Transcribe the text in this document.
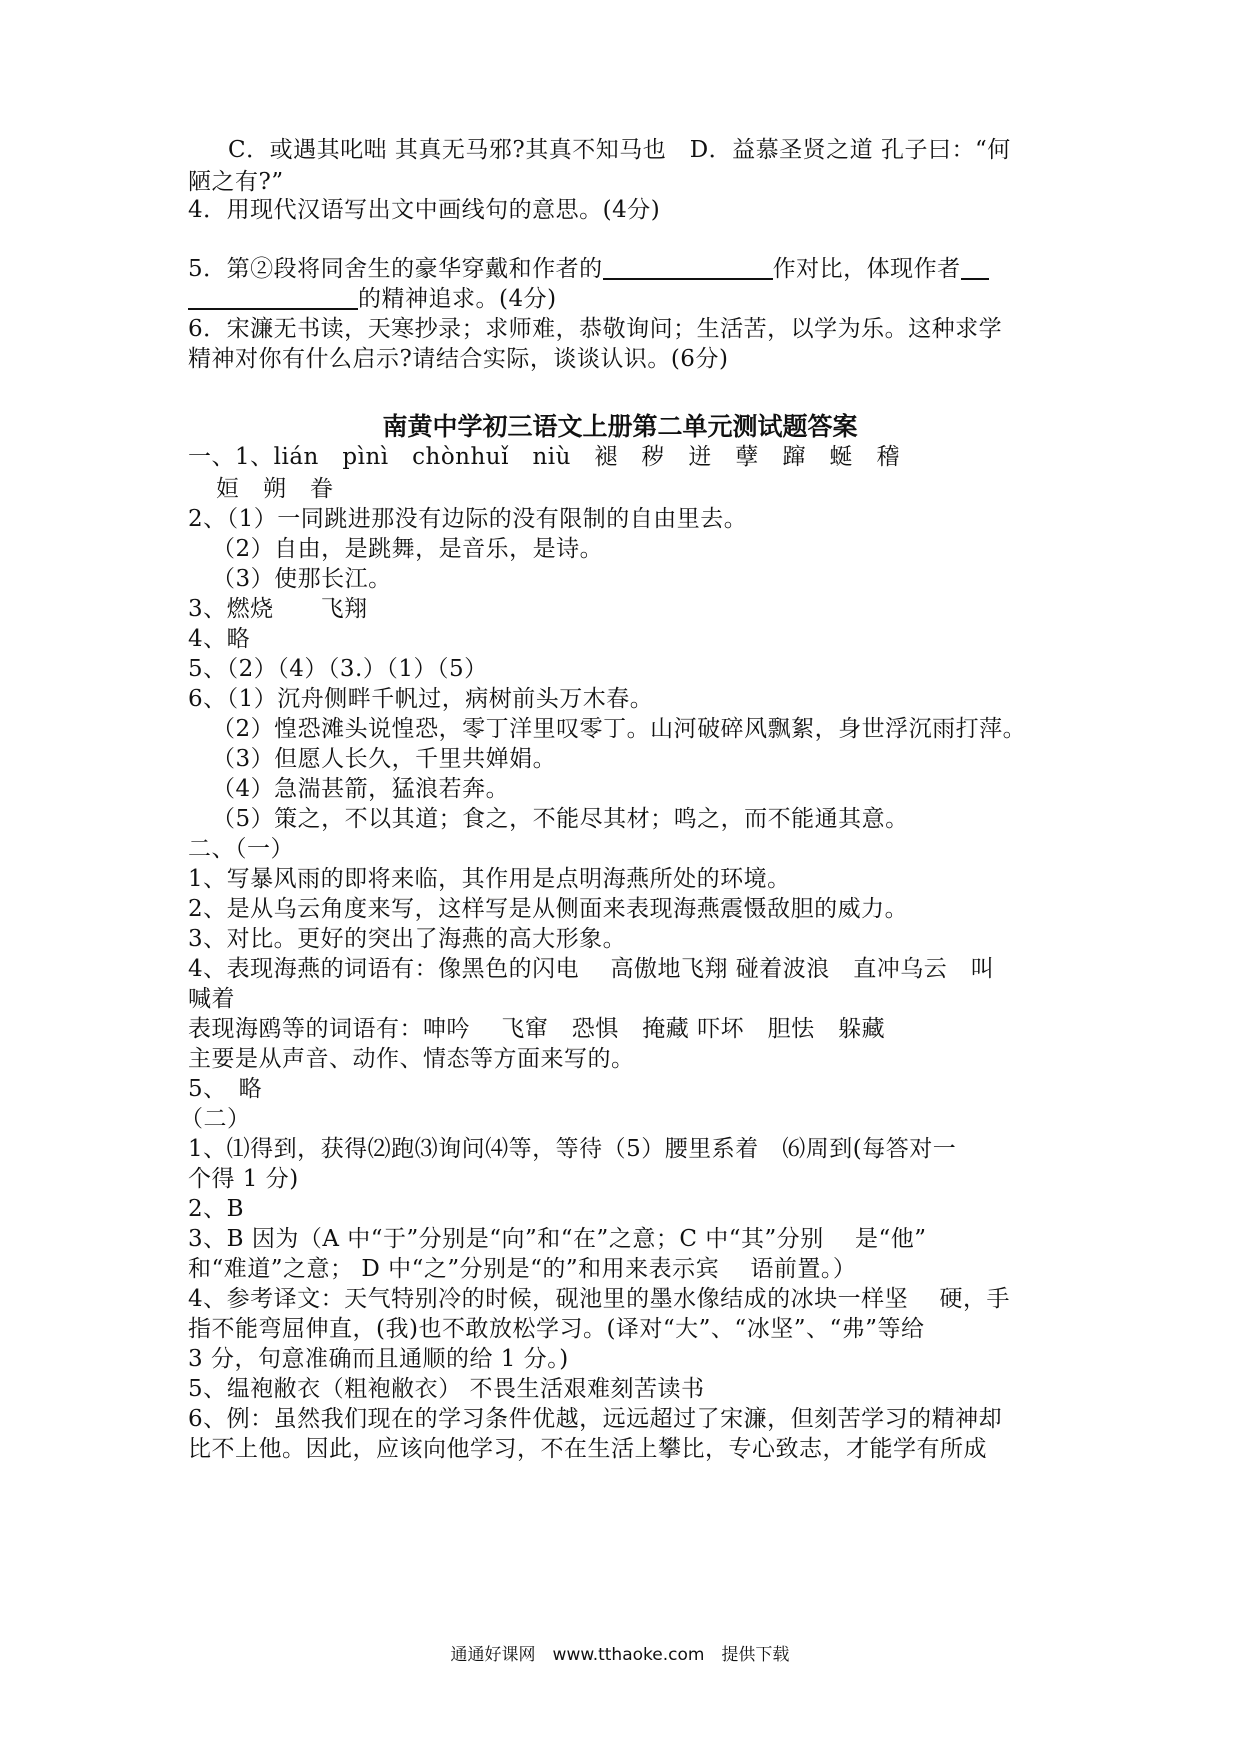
C．或遇其叱咄 其真无马邪?其真不知马也　D．益慕圣贤之道 孔子曰：“何
陋之有?”
4．用现代汉语写出文中画线句的意思。(4分)
5．第②段将同舍生的豪华穿戴和作者的	作对比，体现作者
的精神追求。(4分)
6．宋濂无书读，天寒抄录；求师难，恭敬询问；生活苦，以学为乐。这种求学
精神对你有什么启示?请结合实际，谈谈认识。(6分)
南黄中学初三语文上册第二单元测试题答案
一、1、lián　pìnì　chònhuǐ　niù　褪　秽　迸　孽　蹿　蜒　稽
姮　朔　眷
2、（1）一同跳进那没有边际的没有限制的自由里去。
（2）自由，是跳舞，是音乐，是诗。
（3）使那长江。
3、燃烧　　飞翔
4、略
5、（2）（4）（3.）（1）（5）
6、（1）沉舟侧畔千帆过，病树前头万木春。
（2）惶恐滩头说惶恐，零丁洋里叹零丁。山河破碎风飘絮，身世浮沉雨打萍。
（3）但愿人长久，千里共婵娟。
（4）急湍甚箭，猛浪若奔。
（5）策之，不以其道；食之，不能尽其材；鸣之，而不能通其意。
二、（一）
1、写暴风雨的即将来临，其作用是点明海燕所处的环境。
2、是从乌云角度来写，这样写是从侧面来表现海燕震慑敌胆的威力。
3、对比。更好的突出了海燕的高大形象。
4、表现海燕的词语有：像黑色的闪电　 高傲地飞翔 碰着波浪　直冲乌云　叫
喊着
表现海鸥等的词语有：呻吟　 飞窜　恐惧　掩藏 吓坏　胆怯　躲藏
主要是从声音、动作、情态等方面来写的。
5、　略
（二）
1、⑴得到，获得⑵跑⑶询问⑷等，等待（5）腰里系着　⑹周到(每答对一
个得 1 分)
2、B
3、B 因为（A 中“于”分别是“向”和“在”之意；C 中“其”分别　 是“他”
和“难道”之意； D 中“之”分别是“的”和用来表示宾　 语前置。）
4、参考译文：天气特别冷的时候，砚池里的墨水像结成的冰块一样坚　 硬，手
指不能弯屈伸直，(我)也不敢放松学习。(译对“大”、“冰坚”、“弗”等给
3 分，句意准确而且通顺的给 1 分。)
5、缊袍敝衣（粗袍敝衣） 不畏生活艰难刻苦读书
6、例：虽然我们现在的学习条件优越，远远超过了宋濂，但刻苦学习的精神却
比不上他。因此，应该向他学习，不在生活上攀比，专心致志，才能学有所成
通通好课网　www.tthaoke.com　提供下载
